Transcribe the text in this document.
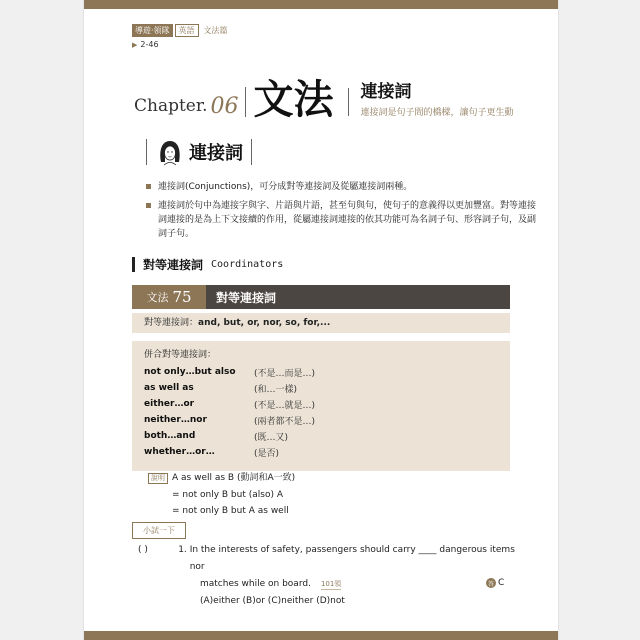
導遊‧領隊	英語	文法篇
▶ 2-46
Chapter. 06 文法 連接詞
連接詞是句子間的橋樑，讓句子更生動
連接詞
連接詞(Conjunctions)，可分成對等連接詞及從屬連接詞兩種。
連接詞於句中為連接字與字、片語與片語，甚至句與句，使句子的意義得以更加豐富。對等連接詞連接的是為上下文接續的作用，從屬連接詞連接的依其功能可為名詞子句、形容詞子句，及副詞子句。
對等連接詞 Coordinators
文法 75 對等連接詞
對等連接詞：and, but, or, nor, so, for,...
併合對等連接詞：
not only…but also	(不是…而是…)
as well as	(和…一樣)
either…or	(不是…就是…)
neither…nor	(兩者都不是…)
both…and	(既…又)
whether…or…	(是否)
說明 A as well as B (動詞和A一致)
= not only B but (also) A
= not only B but A as well
小試一下
( )	1. In the interests of safety, passengers should carry ____ dangerous items nor
matches while on board. 101領
(A)either (B)or (C)neither (D)not
答 C
